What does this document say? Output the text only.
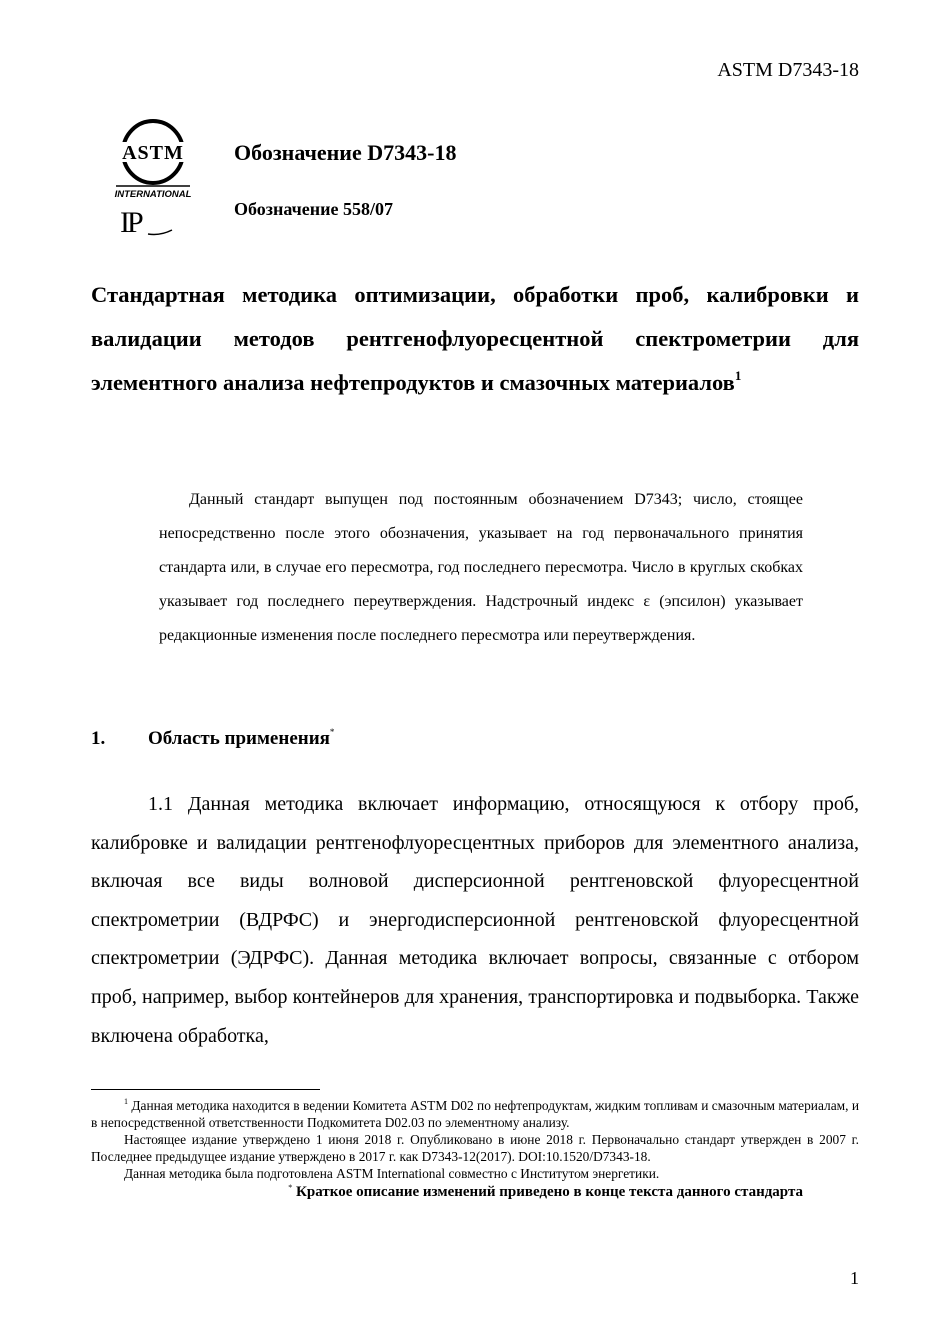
ASTM D7343-18
ASTM
INTERNATIONAL
IP
Обозначение D7343-18
Обозначение 558/07
Стандартная методика оптимизации, обработки проб, калибровки и валидации методов рентгенофлуоресцентной спектрометрии для элементного анализа нефтепродуктов и смазочных материалов$^1$
Данный стандарт выпущен под постоянным обозначением D7343; число, стоящее непосредственно после этого обозначения, указывает на год первоначального принятия стандарта или, в случае его пересмотра, год последнего пересмотра. Число в круглых скобках указывает год последнего переутверждения. Надстрочный индекс ε (эпсилон) указывает редакционные изменения после последнего пересмотра или переутверждения.
1. Область применения*
1.1 Данная методика включает информацию, относящуюся к отбору проб, калибровке и валидации рентгенофлуоресцентных приборов для элементного анализа, включая все виды волновой дисперсионной рентгеновской флуоресцентной спектрометрии (ВДРФС) и энергодисперсионной рентгеновской флуоресцентной спектрометрии (ЭДРФС). Данная методика включает вопросы, связанные с отбором проб, например, выбор контейнеров для хранения, транспортировка и подвыборка. Также включена обработка,

$^1$ Данная методика находится в ведении Комитета ASTM D02 по нефтепродуктам, жидким топливам и смазочным материалам, и в непосредственной ответственности Подкомитета D02.03 по элементному анализу.

Настоящее издание утверждено 1 июня 2018 г. Опубликовано в июне 2018 г. Первоначально стандарт утвержден в 2007 г. Последнее предыдущее издание утверждено в 2017 г. как D7343-12(2017). DOI:10.1520/D7343-18.

Данная методика была подготовлена ASTM International совместно с Институтом энергетики.

* Краткое описание изменений приведено в конце текста данного стандарта

1
